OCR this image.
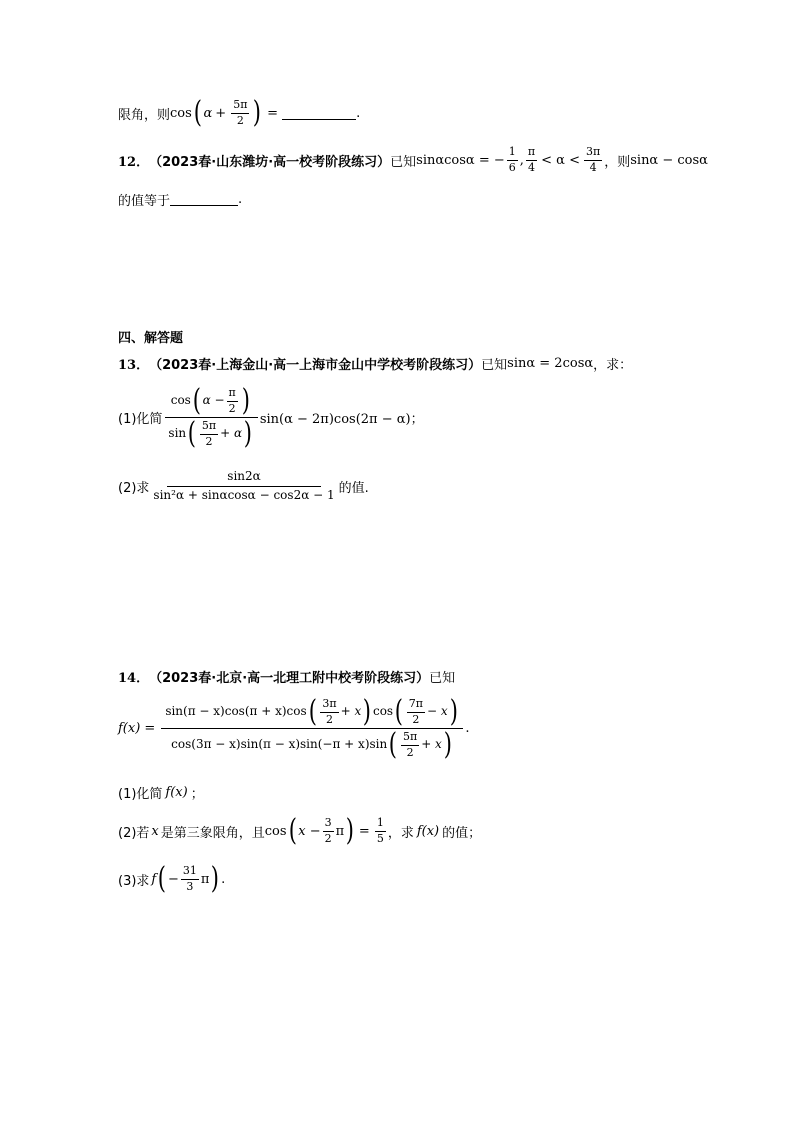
限角，则 cos ( $\alpha + \frac{5\pi}{2}$ ) =	.
12． （2023春·山东潍坊·高一校考阶段练习） 已知 sinαcosα = − $\frac{1}{6}$ , $\frac{\pi}{4} < \alpha < \frac{3\pi}{4}$ ，则 sinα − cosα
的值等于	.
四、解答题
13． （2023春·上海金山·高一上海市金山中学校考阶段练习） 已知 sinα = 2cosα ，求：
(1)化简
cos ( $\alpha - \frac{\pi}{2}$ )
sin ( $\frac{5\pi}{2} + \alpha$ ) sin(α − 2π)cos(2π − α)；
(2)求 $\frac{\sin 2\alpha}{\text{sin²α + sinαcosα − cos2α − 1}}$ 的值.
14． （2023春·北京·高一北理工附中校考阶段练习） 已知
f(x) =
sin(π − x)cos(π + x)cos ( $\frac{3\pi}{2} + x$ ) cos ( $\frac{7\pi}{2} - x$ )
cos(3π − x)sin(π − x)sin(−π + x)sin ( $\frac{5\pi}{2} + x$ ) .
(1)化简 f(x) ；
(2)若 x 是第三象限角，且 cos ( $x - \frac{3}{2}$ π ) = $\frac{1}{5}$ ，求 f(x) 的值；
(3)求 f ( − $\frac{31}{3}$ π ) .
